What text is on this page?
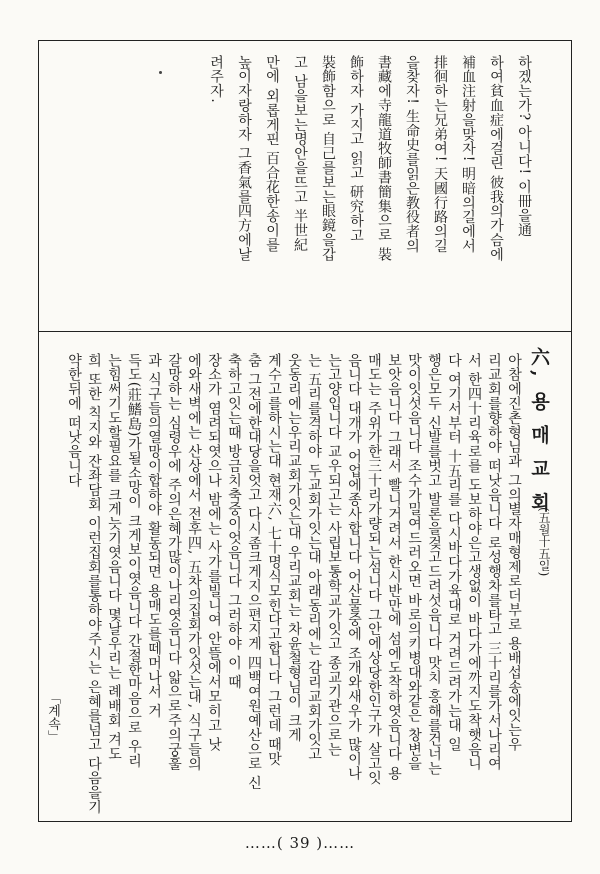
하겠는가? 아니다! 이冊을通
하여貧血症에걸린 彼我의가슴에
補血注射을맞자! 明暗의길에서
排徊하는兄弟여! 天國行路의길
을찾자! 生命史를읽은教役者의
書藏에寺龍道牧師書簡集으로 裝
飾하자 가지고 읽고 研究하고
裝飾함으로 自己를보는眼鏡을갑
고 남을보는명안을뜨고 半世紀
만에 외롭게핀 百合花한송이를
높이자랑하자 그香氣를四方에날
려주자.
六, 용 매 교 회
(五월十五일)
아참에진촌형님과 그의별자매형제로더부로 용배섭송에잇는우
리교회를향하야 떠낫음니다 로성행차를타고 三十리를가서나리여
서 한四十리육로를 도보하야은고생없이 바다가에까지도착햇음니
다 여기서부터 十五리를 다시바다가육대로 거려드려가는대 일
행은모두 신발를벗고 발론을겇고드려섯음니다 맛치 홍해를건너는
맛이잇섯음니다 조수가밀여드러오면 바로의키병대와같은 창변을
보앗음니다 그래서 빨니거려서 한시반만에 섬에도착하엿음니다 용
매도는 주위가한三十리가량되는섬니다 그안에상당한인구가 살고잇
음니다 대개가 어업에종사합니다 어산물중에 조개와새우가 많이나
는고양입니다 교우되고는 사립보통학교가잇고 종교기관으로는
는 五리를격하야 두교회가잇는대 아래동리에는 감리교회가잇고
웃동리에는우리교회가잇는대 우리교회는 차윤철형님이 크게
계수고를하시는대 현재六, 七十명식모힌다고합니다 그런데 때맛
춤 그전에한대당을엇고 다시좀크게지으편지게 四백여원예산으로 신
축하고잇는때 방금치축중이엇음니다 그러하야 이 때
장소가 염려되엿으나 밤에는 사가를빌니여 안뜰에서모히고 낫
에와새벽에는 산상에서 전후四, 五차의집회가잇섯는대, 식구들의
갈망하는 심령우에 주의은혜가많이나리엿음니다 앏으로주의궁훌
과 식구들의열망이합하야 활동되면 용매도를떼머나서 거
득도(莊鰭島)가될소망이 크게보이엿음니다 간절한마음으로 우리
는힘써기도할필요를 크게늣기엿음니다 몇날우리는 례배회 겨도
희 또한 칙지와 잔좌담회 이런집회를통하야주시는 은혜를넘고 다음을기
약한뒤에 떠낫음니다
「계속」
……( 39 )……
